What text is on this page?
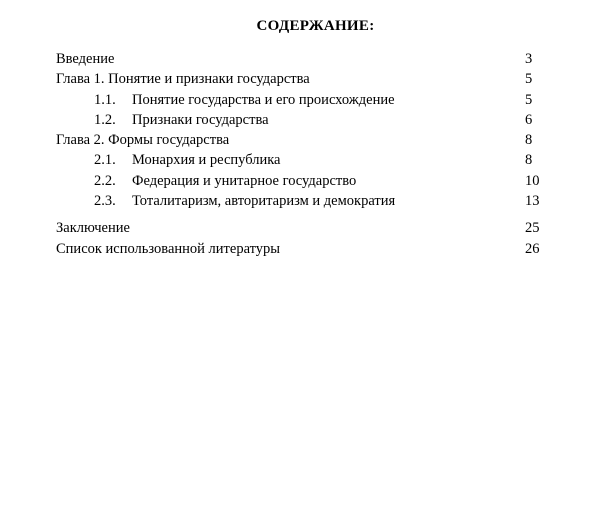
СОДЕРЖАНИЕ:
Введение	3
Глава 1. Понятие и признаки государства	5
1.1. Понятие государства и его происхождение	5
1.2. Признаки государства	6
Глава 2. Формы государства	8
2.1. Монархия и республика	8
2.2. Федерация и унитарное государство	10
2.3. Тоталитаризм, авторитаризм и демократия	13
Заключение	25
Список использованной литературы	26
